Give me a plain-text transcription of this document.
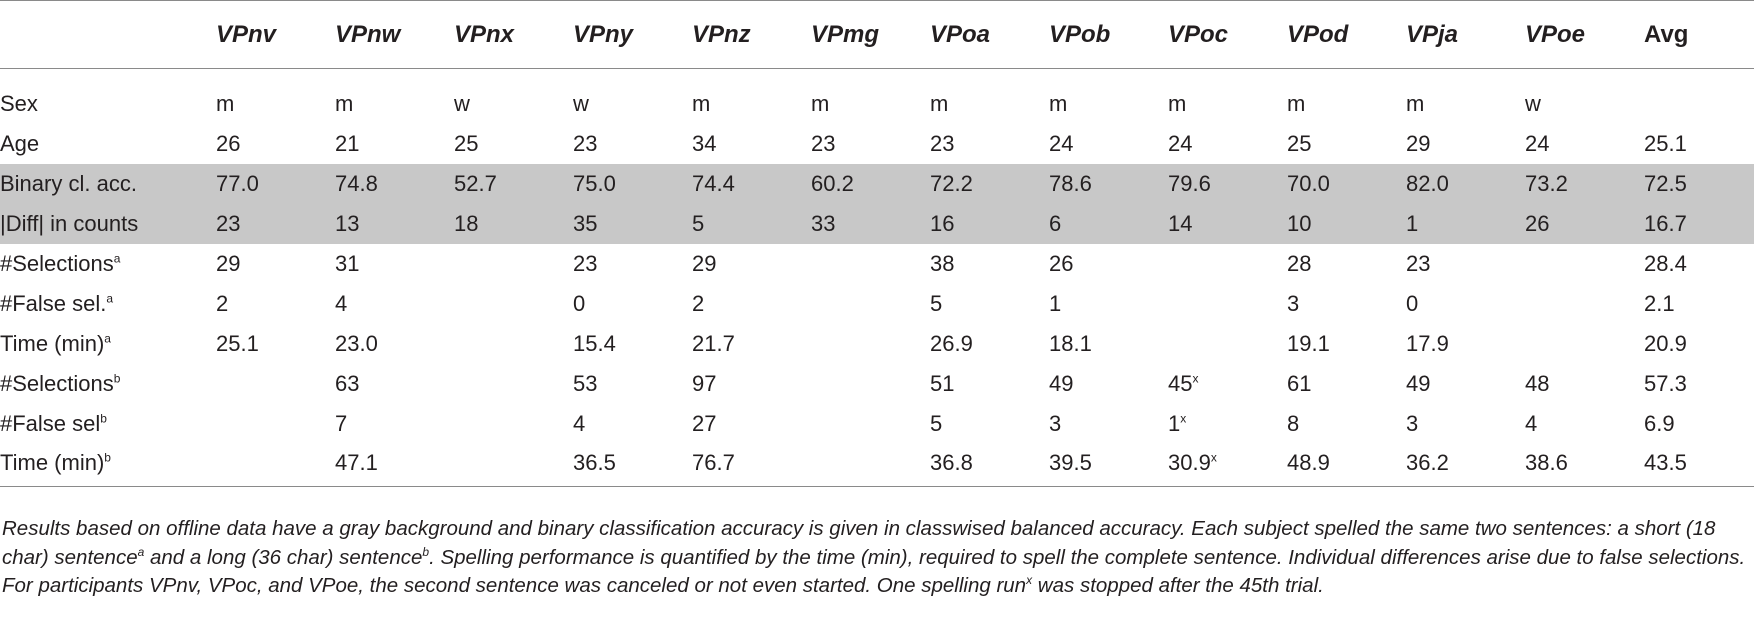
	VPnv	VPnw	VPnx	VPny	VPnz	VPmg	VPoa	VPob	VPoc	VPod	VPja	VPoe	Avg
Sex	m	m	w	w	m	m	m	m	m	m	m	w	
Age	26	21	25	23	34	23	23	24	24	25	29	24	25.1
Binary cl. acc.	77.0	74.8	52.7	75.0	74.4	60.2	72.2	78.6	79.6	70.0	82.0	73.2	72.5
|Diff| in counts	23	13	18	35	5	33	16	6	14	10	1	26	16.7
#Selections$^a$	29	31		23	29		38	26		28	23		28.4
#False sel.$^a$	2	4		0	2		5	1		3	0		2.1
Time $(\min)^a$	25.1	23.0		15.4	21.7		26.9	18.1		19.1	17.9		20.9
#Selections$^b$		63		53	97		51	49	45$^x$	61	49	48	57.3
#False sel$^b$		7		4	27		5	3	1$^x$	8	3	4	6.9
Time $(\min)^b$		47.1		36.5	76.7		36.8	39.5	30.9$^x$	48.9	36.2	38.6	43.5
Results based on offline data have a gray background and binary classification accuracy is given in classwised balanced accuracy. Each subject spelled the same two sentences: a short (18 char) sentence$^a$ and a long (36 char) sentence$^b$. Spelling performance is quantified by the time (min), required to spell the complete sentence. Individual differences arise due to false selections. For participants VPnv, VPoc, and VPoe, the second sentence was canceled or not even started. One spelling run$^x$ was stopped after the 45th trial.
